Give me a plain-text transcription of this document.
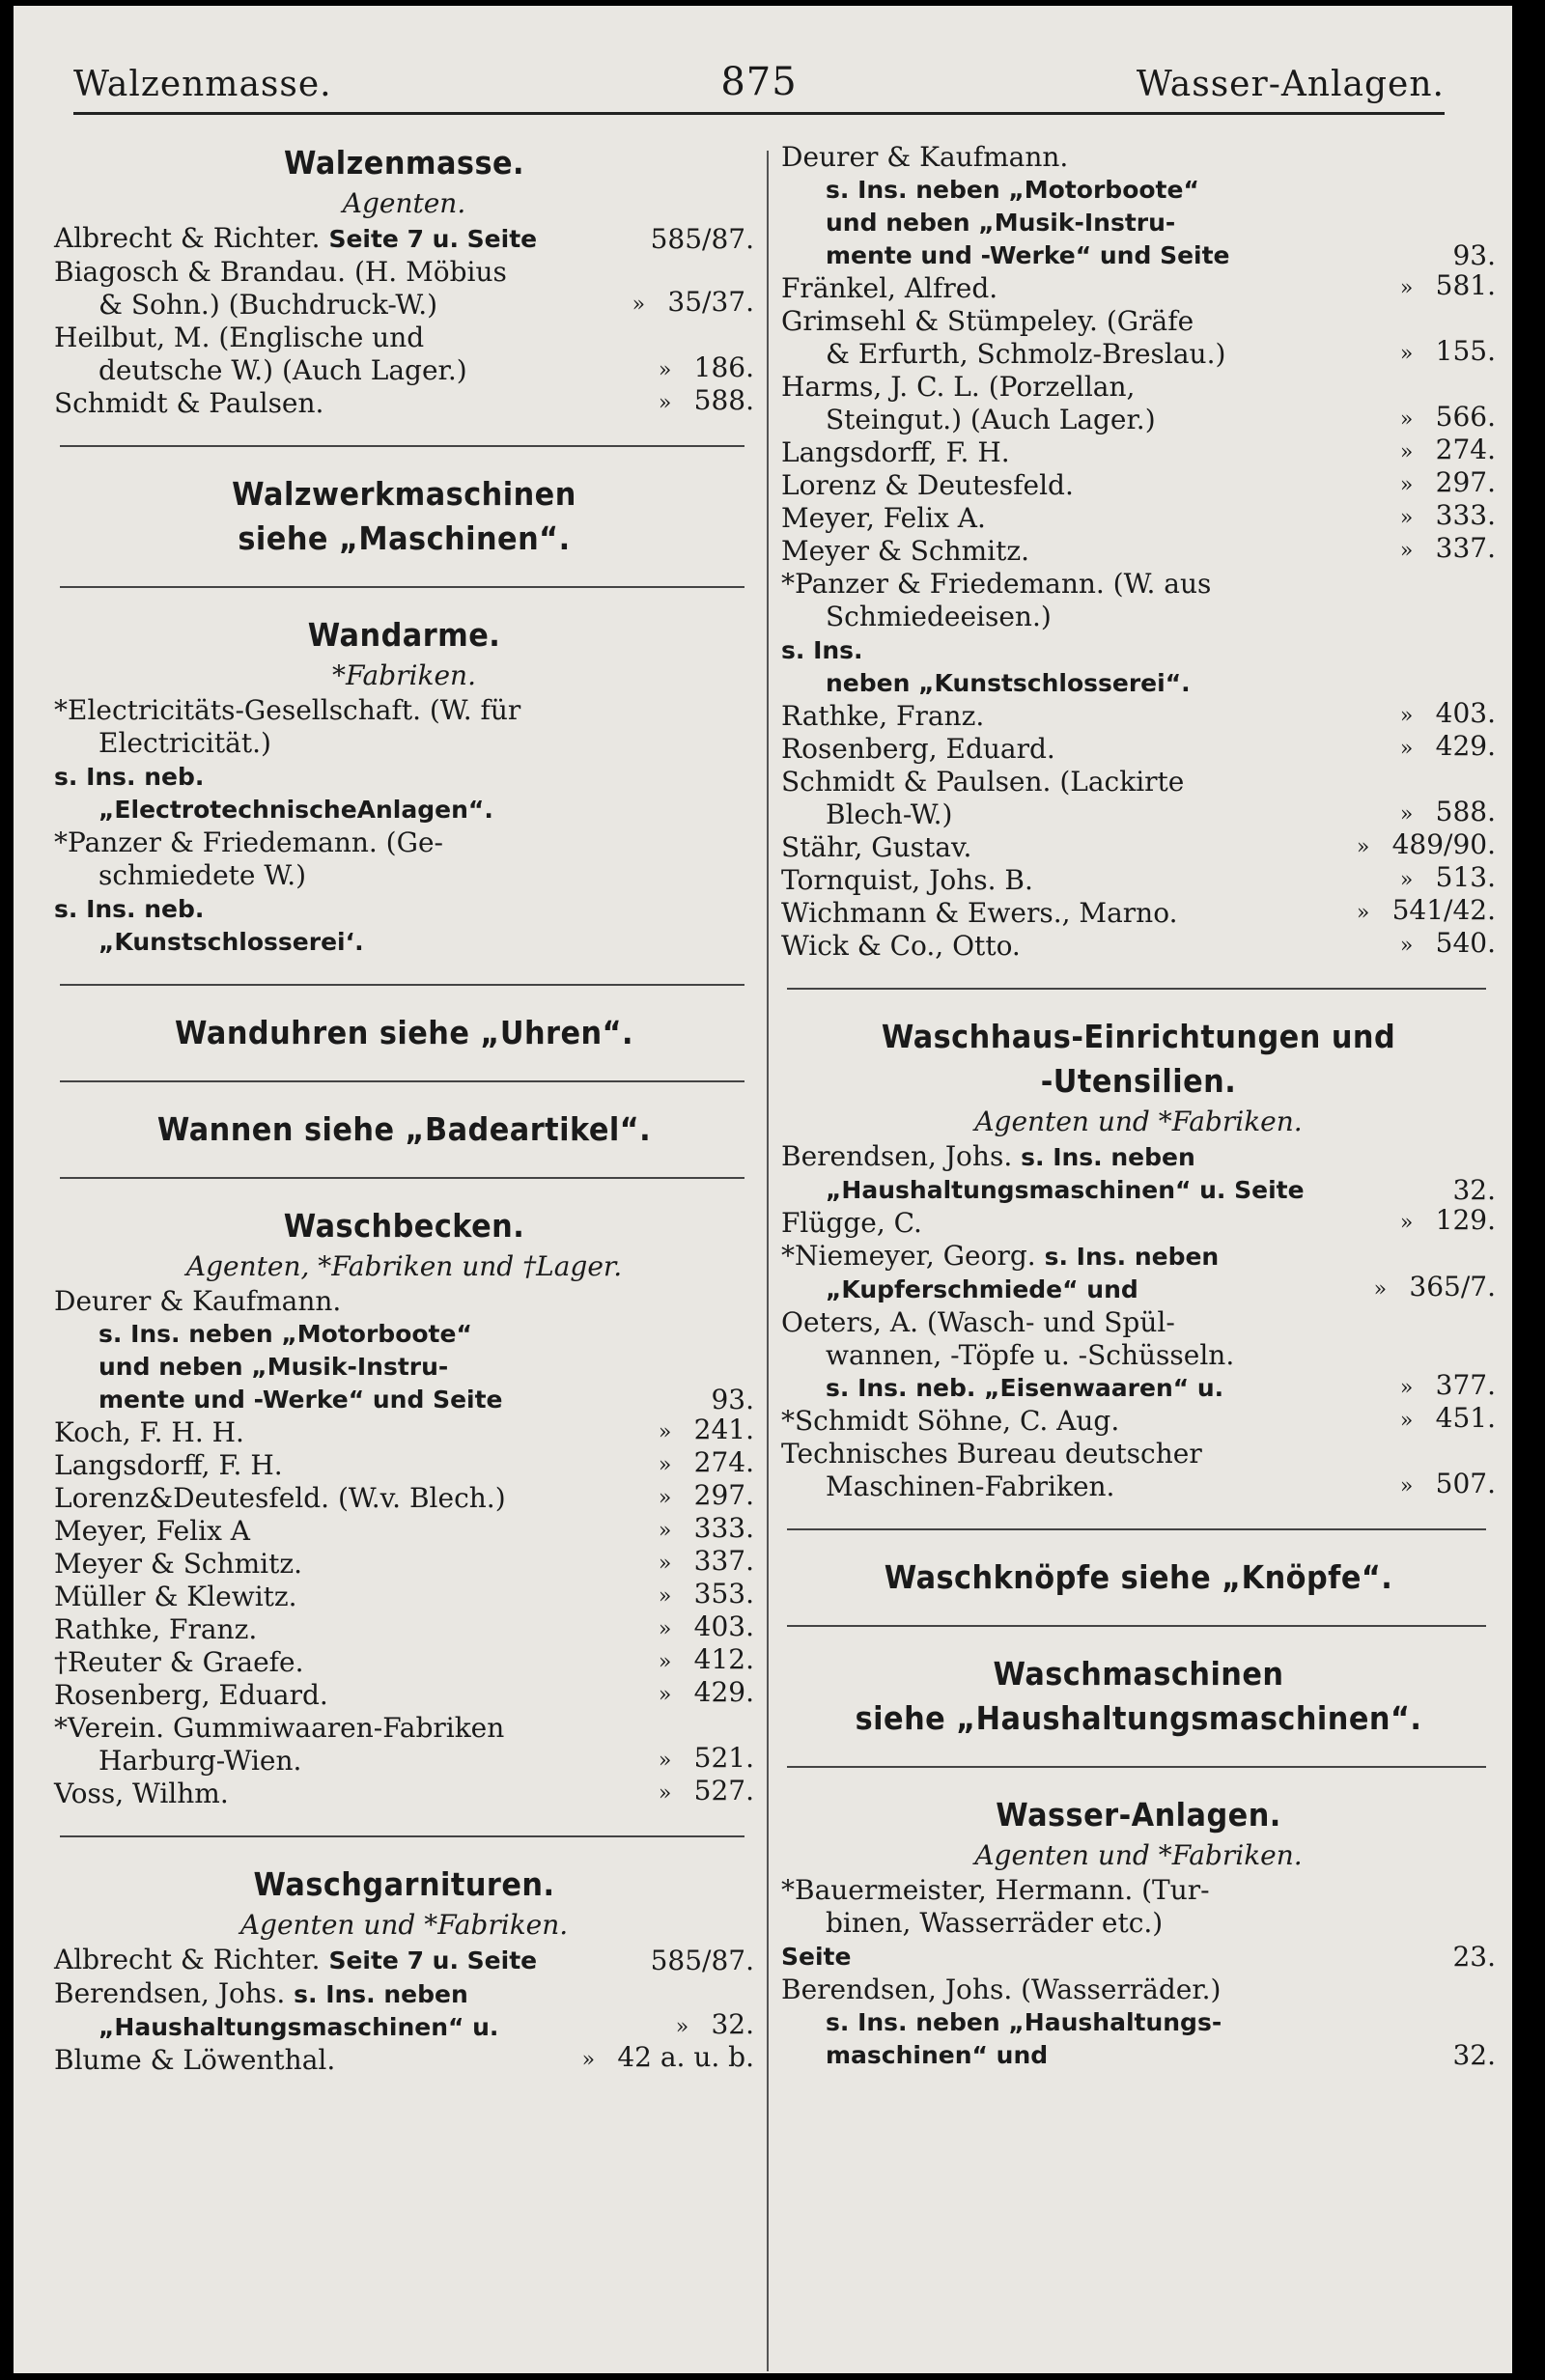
Walzenmasse.	875	Wasser-Anlagen.
Walzenmasse.
Agenten.
Albrecht & Richter. Seite 7 u. Seite	585/87.
Biagosch & Brandau. (H. Möbius
& Sohn.) (Buchdruck-W.)	» 35/37.
Heilbut, M. (Englische und
deutsche W.) (Auch Lager.)	» 186.
Schmidt & Paulsen.	» 588.
Walzwerkmaschinen
siehe „Maschinen“.
Wandarme.
*Fabriken.
*Electricitäts-Gesellschaft. (W. für
Electricität.)
s. Ins. neb.
„ElectrotechnischeAnlagen“.
*Panzer & Friedemann. (Ge-
schmiedete W.)
s. Ins. neb.
„Kunstschlosserei‘.
Wanduhren siehe „Uhren“.
Wannen siehe „Badeartikel“.
Waschbecken.
Agenten, *Fabriken und †Lager.
Deurer & Kaufmann.
s. Ins. neben „Motorboote“
und neben „Musik-Instru-
mente und -Werke“ und Seite	93.
Koch, F. H. H.	» 241.
Langsdorff, F. H.	» 274.
Lorenz&Deutesfeld. (W.v. Blech.)	» 297.
Meyer, Felix A	» 333.
Meyer & Schmitz.	» 337.
Müller & Klewitz.	» 353.
Rathke, Franz.	» 403.
†Reuter & Graefe.	» 412.
Rosenberg, Eduard.	» 429.
*Verein. Gummiwaaren-Fabriken
Harburg-Wien.	» 521.
Voss, Wilhm.	» 527.
Waschgarnituren.
Agenten und *Fabriken.
Albrecht & Richter. Seite 7 u. Seite	585/87.
Berendsen, Johs. s. Ins. neben
„Haushaltungsmaschinen“ u.	» 32.
Blume & Löwenthal.	» 42 a. u. b.
Deurer & Kaufmann.
s. Ins. neben „Motorboote“
und neben „Musik-Instru-
mente und -Werke“ und Seite	93.
Fränkel, Alfred.	» 581.
Grimsehl & Stümpeley. (Gräfe
& Erfurth, Schmolz-Breslau.)	» 155.
Harms, J. C. L. (Porzellan,
Steingut.) (Auch Lager.)	» 566.
Langsdorff, F. H.	» 274.
Lorenz & Deutesfeld.	» 297.
Meyer, Felix A.	» 333.
Meyer & Schmitz.	» 337.
*Panzer & Friedemann. (W. aus
Schmiedeeisen.)
s. Ins.
neben „Kunstschlosserei“.
Rathke, Franz.	» 403.
Rosenberg, Eduard.	» 429.
Schmidt & Paulsen. (Lackirte
Blech-W.)	» 588.
Stähr, Gustav.	» 489/90.
Tornquist, Johs. B.	» 513.
Wichmann & Ewers., Marno.	» 541/42.
Wick & Co., Otto.	» 540.
Waschhaus-Einrichtungen und
-Utensilien.
Agenten und *Fabriken.
Berendsen, Johs. s. Ins. neben
„Haushaltungsmaschinen“ u. Seite	32.
Flügge, C.	» 129.
*Niemeyer, Georg. s. Ins. neben
„Kupferschmiede“ und	» 365/7.
Oeters, A. (Wasch- und Spül-
wannen, -Töpfe u. -Schüsseln.
s. Ins. neb. „Eisenwaaren“ u.	» 377.
*Schmidt Söhne, C. Aug.	» 451.
Technisches Bureau deutscher
Maschinen-Fabriken.	» 507.
Waschknöpfe siehe „Knöpfe“.
Waschmaschinen
siehe „Haushaltungsmaschinen“.
Wasser-Anlagen.
Agenten und *Fabriken.
*Bauermeister, Hermann. (Tur-
binen, Wasserräder etc.)
Seite	23.
Berendsen, Johs. (Wasserräder.)
s. Ins. neben „Haushaltungs-
maschinen“ und	32.
